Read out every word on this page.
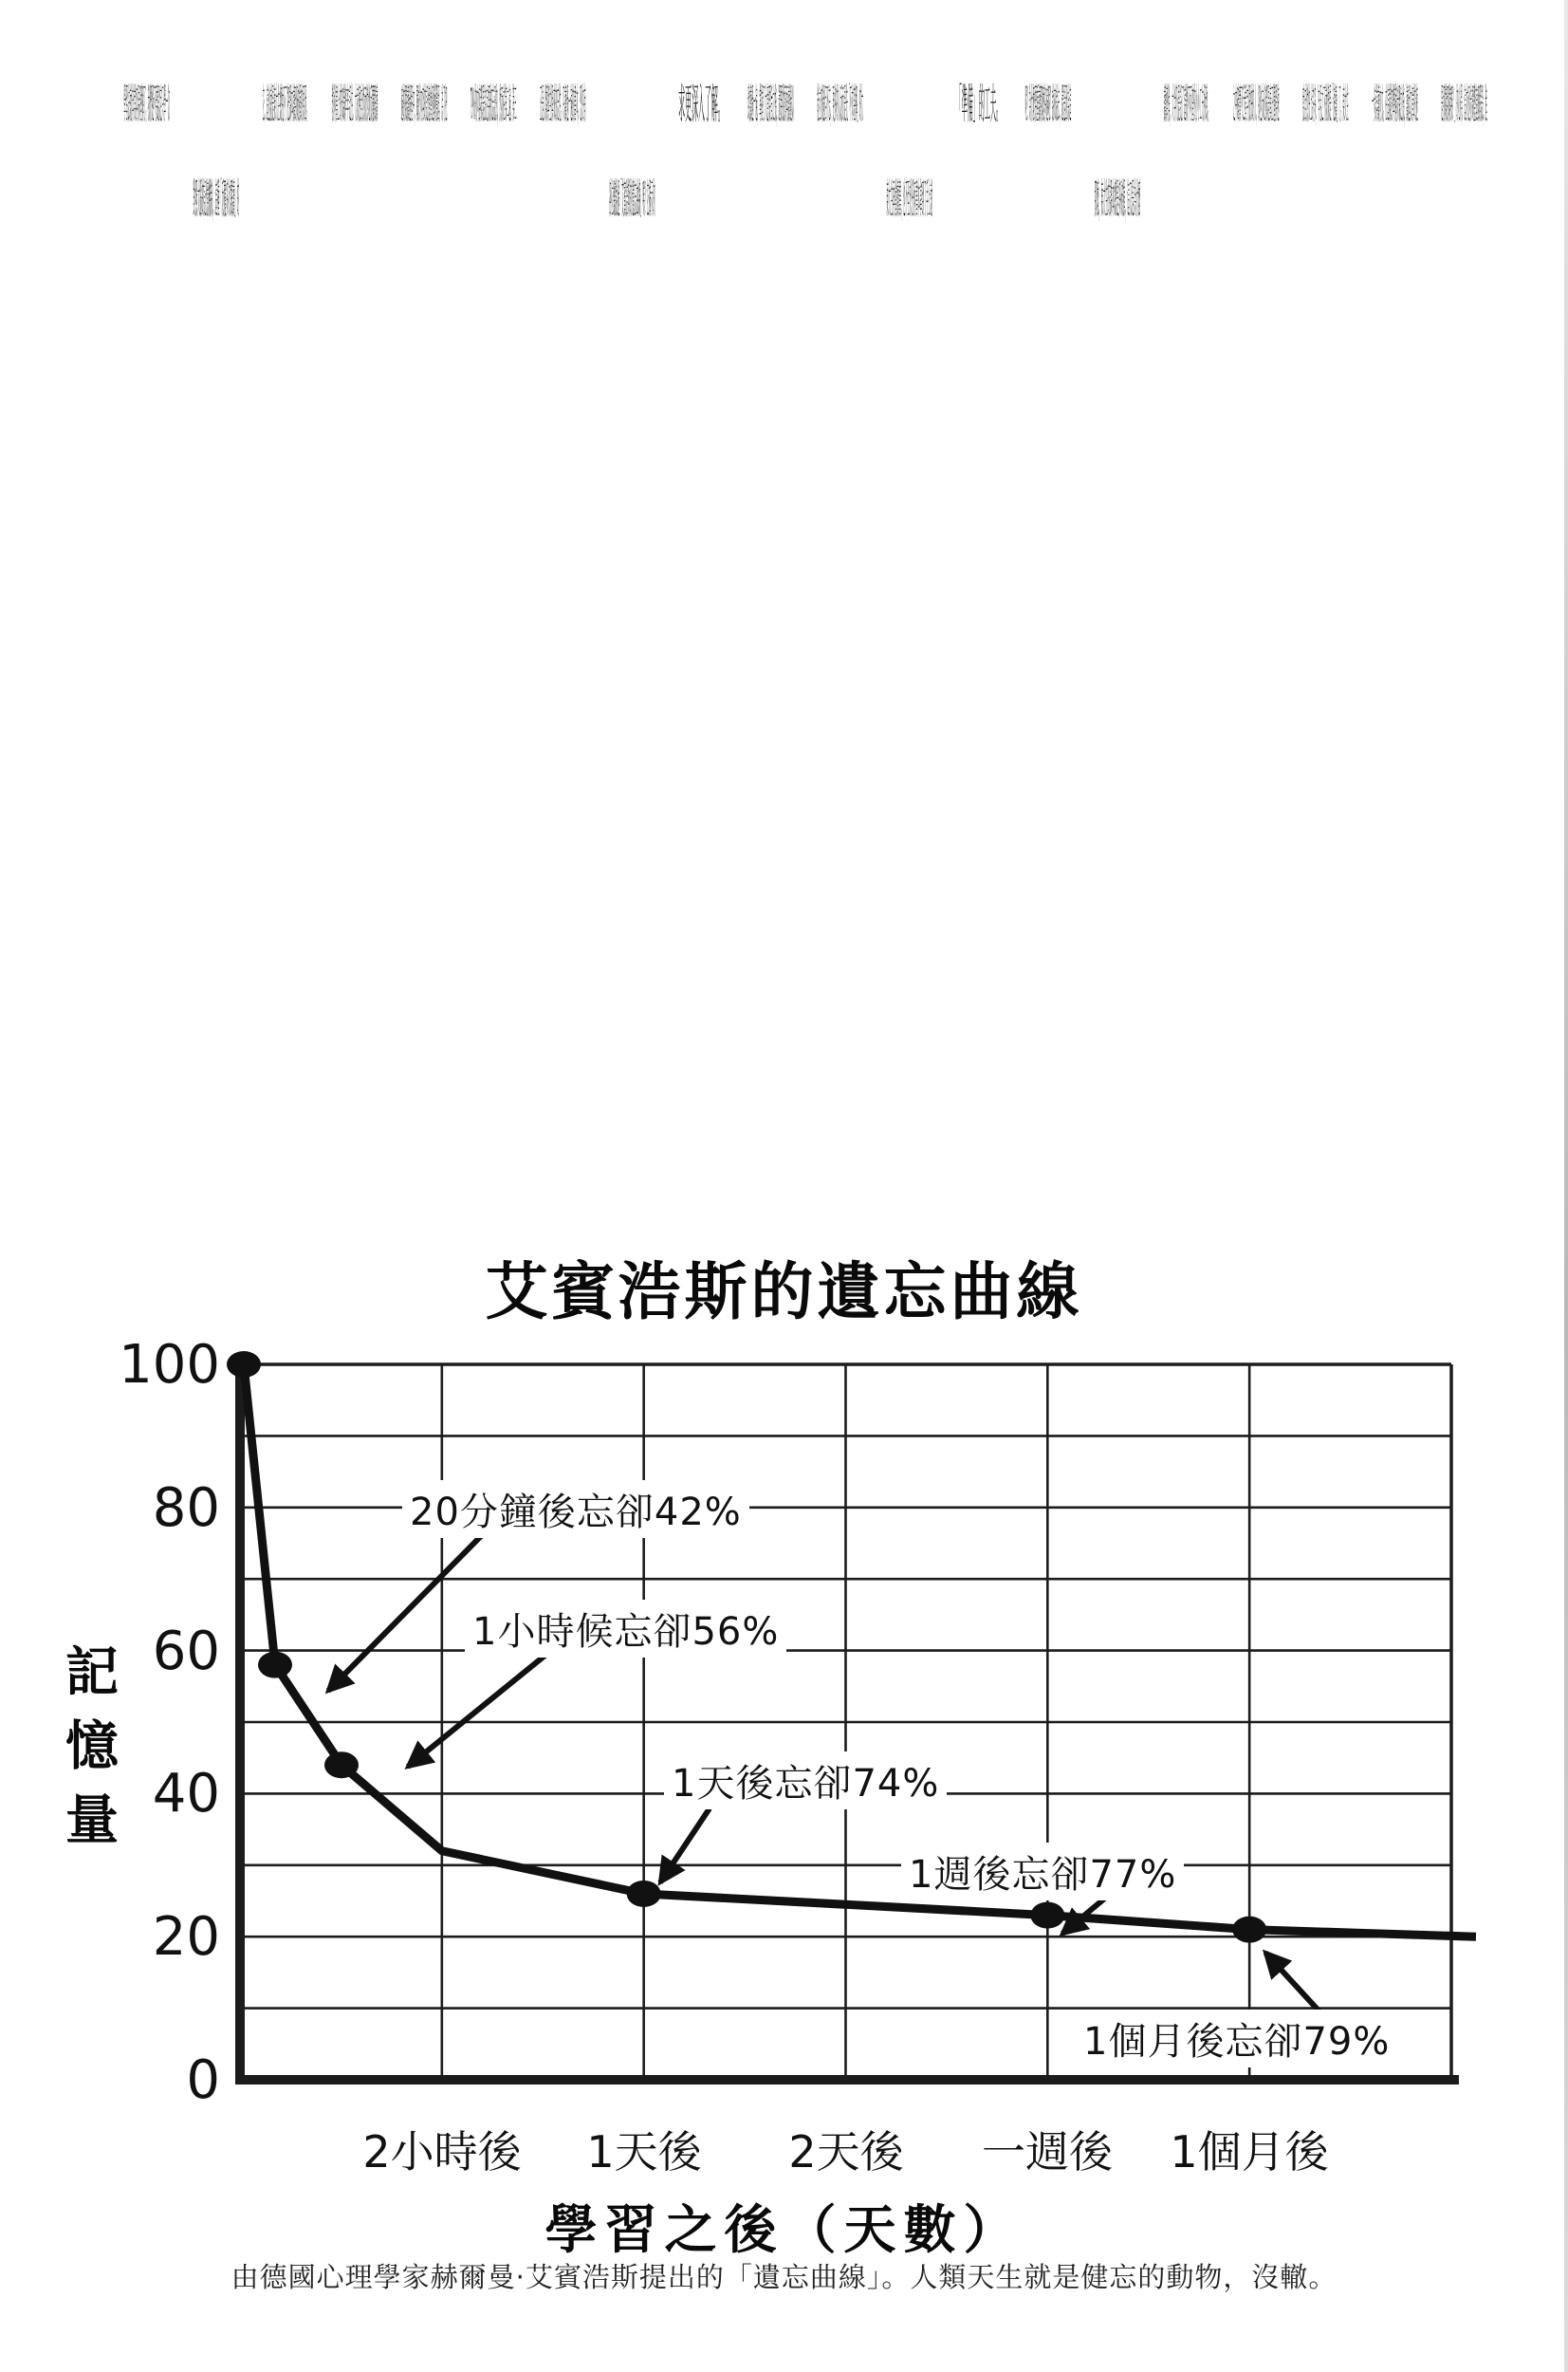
是那樣那樣嗎？」的心得，這才逐步調整這個假設，進
一步詳讀內文。在這樣的準備步驟之後，讀起文章的速
度自然快上許多，乍見之下就像是「速讀」了。東大生
之中確實不乏看字很快的人，卻也未必都是真正懂得速
讀濟俏，大半仍是託了這微不可查的小小工夫所致。
那麼，東大生的課本總是多破損，這又是為什麼
呢？為什麼要重讀那麼多遍呢？說來說去，還是因為這
「準備」的工夫。
東大生再會讀書，也不至於任何書本拿到了手上就
能立刻過目不忘，更多的人反而是先「不求甚解」的大
致讀過一遍，掌握了大意要旨之後，還要從頭再讀過以
求更深入了解。
各位聽說過「艾賓浩斯的遺忘曲線」嗎？它揭示的
正是人類與生俱來的忘性。只讀過一遍的書本，恐怕有
79％的內容都是註定要被忘記的，然而在第二遍、第三
遍的閱讀過程中，關於內容的記憶會逐漸穩固。為了把
教科書上的知識牢牢記住，大家便自然而然地反覆閱讀
它，這也就是東大生總免不了把課本讀到破損的原因。
對照大腦的記憶機制，這種「反覆多次閱讀」的
學習法就非常容易理解了。我們絕不要認定只學一次
艾賓浩斯的遺忘曲線
記憶量
100
80
60
40
20
0
2小時後	1天後	2天後	一週後	1個月後
20分鐘後忘卻42%
1小時候忘卻56%
1天後忘卻74%
1週後忘卻77%
1個月後忘卻79%
學習之後（天數）
由德國心理學家赫爾曼·艾賓浩斯提出的「遺忘曲線」。人類天生就是健忘的動物，沒轍。
